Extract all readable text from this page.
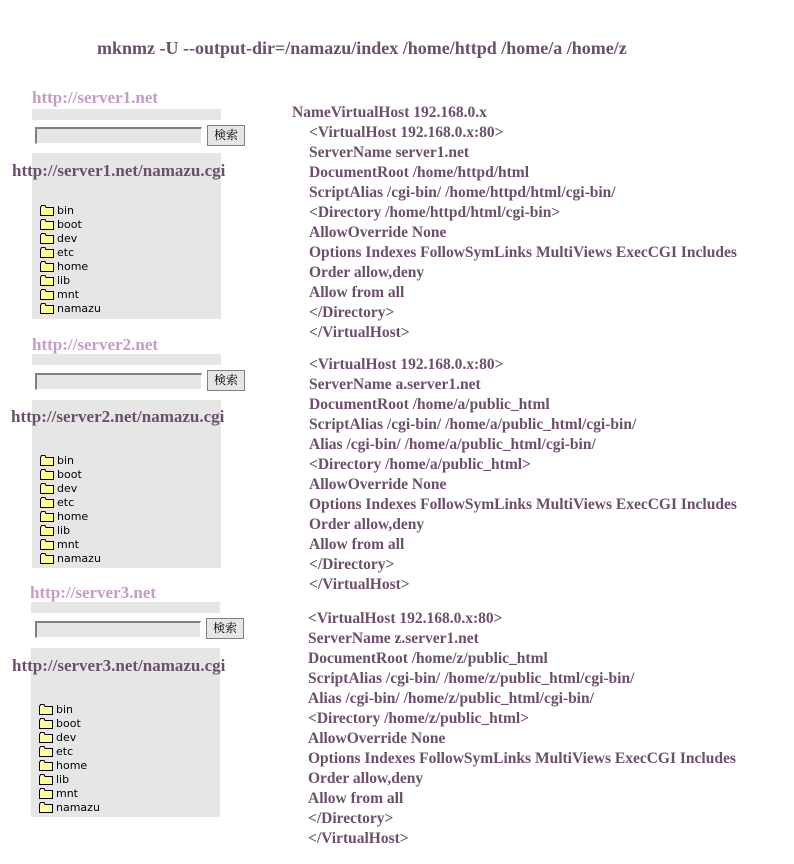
mknmz -U --output-dir=/namazu/index /home/httpd /home/a /home/z
http://server1.net
検索
http://server1.net/namazu.cgi
bin
boot
dev
etc
home
lib
mnt
namazu
http://server2.net
検索
http://server2.net/namazu.cgi
bin
boot
dev
etc
home
lib
mnt
namazu
http://server3.net
検索
http://server3.net/namazu.cgi
bin
boot
dev
etc
home
lib
mnt
namazu
NameVirtualHost 192.168.0.x
<VirtualHost 192.168.0.x:80>
ServerName server1.net
DocumentRoot /home/httpd/html
ScriptAlias /cgi-bin/ /home/httpd/html/cgi-bin/
<Directory /home/httpd/html/cgi-bin>
AllowOverride None
Options Indexes FollowSymLinks MultiViews ExecCGI Includes
Order allow,deny
Allow from all
</Directory>
</VirtualHost>
<VirtualHost 192.168.0.x:80>
ServerName a.server1.net
DocumentRoot /home/a/public_html
ScriptAlias /cgi-bin/ /home/a/public_html/cgi-bin/
Alias /cgi-bin/ /home/a/public_html/cgi-bin/
<Directory /home/a/public_html>
AllowOverride None
Options Indexes FollowSymLinks MultiViews ExecCGI Includes
Order allow,deny
Allow from all
</Directory>
</VirtualHost>
<VirtualHost 192.168.0.x:80>
ServerName z.server1.net
DocumentRoot /home/z/public_html
ScriptAlias /cgi-bin/ /home/z/public_html/cgi-bin/
Alias /cgi-bin/ /home/z/public_html/cgi-bin/
<Directory /home/z/public_html>
AllowOverride None
Options Indexes FollowSymLinks MultiViews ExecCGI Includes
Order allow,deny
Allow from all
</Directory>
</VirtualHost>
